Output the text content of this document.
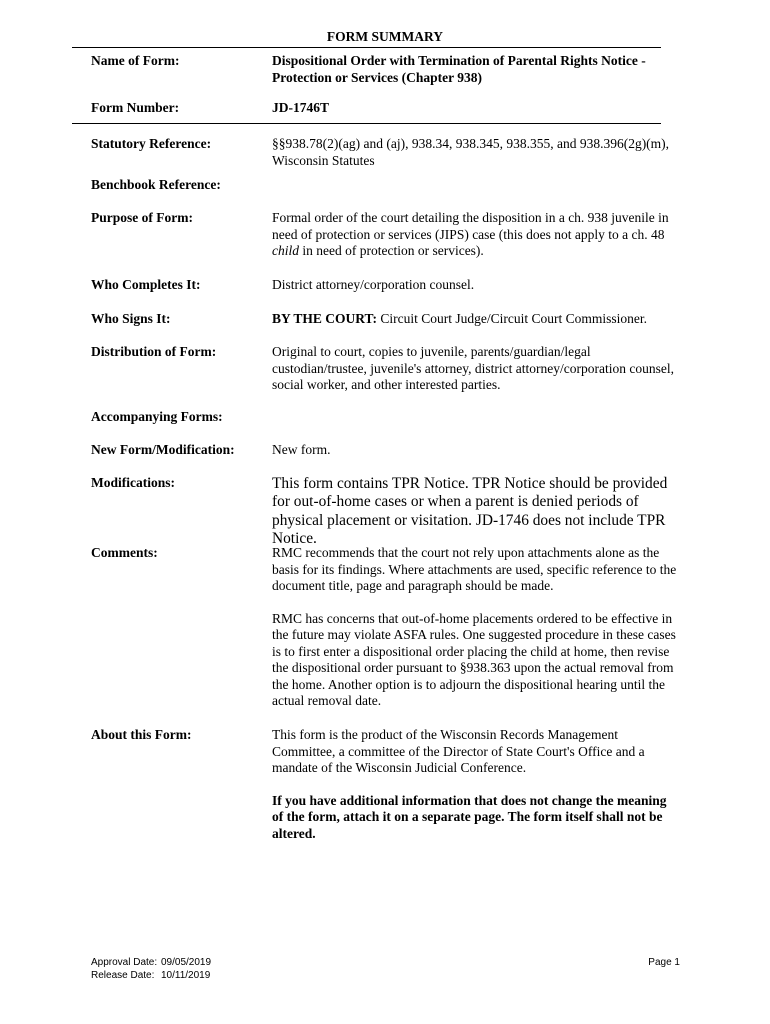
FORM SUMMARY
Name of Form:	Dispositional Order with Termination of Parental Rights Notice - Protection or Services (Chapter 938)
Form Number:	JD-1746T
Statutory Reference:	§§938.78(2)(ag) and (aj), 938.34, 938.345, 938.355, and 938.396(2g)(m), Wisconsin Statutes
Benchbook Reference:
Purpose of Form:	Formal order of the court detailing the disposition in a ch. 938 juvenile in need of protection or services (JIPS) case (this does not apply to a ch. 48 child in need of protection or services).
Who Completes It:	District attorney/corporation counsel.
Who Signs It:	BY THE COURT: Circuit Court Judge/Circuit Court Commissioner.
Distribution of Form:	Original to court, copies to juvenile, parents/guardian/legal custodian/trustee, juvenile's attorney, district attorney/corporation counsel, social worker, and other interested parties.
Accompanying Forms:
New Form/Modification:	New form.
Modifications:	This form contains TPR Notice. TPR Notice should be provided for out-of-home cases or when a parent is denied periods of physical placement or visitation. JD-1746 does not include TPR Notice.
Comments:	RMC recommends that the court not rely upon attachments alone as the basis for its findings. Where attachments are used, specific reference to the document title, page and paragraph should be made.

RMC has concerns that out-of-home placements ordered to be effective in the future may violate ASFA rules. One suggested procedure in these cases is to first enter a dispositional order placing the child at home, then revise the dispositional order pursuant to §938.363 upon the actual removal from the home. Another option is to adjourn the dispositional hearing until the actual removal date.

About this Form:	This form is the product of the Wisconsin Records Management Committee, a committee of the Director of State Court's Office and a mandate of the Wisconsin Judicial Conference.

If you have additional information that does not change the meaning of the form, attach it on a separate page. The form itself shall not be altered.

Approval Date: 09/05/2019
Release Date: 10/11/2019
Page 1
